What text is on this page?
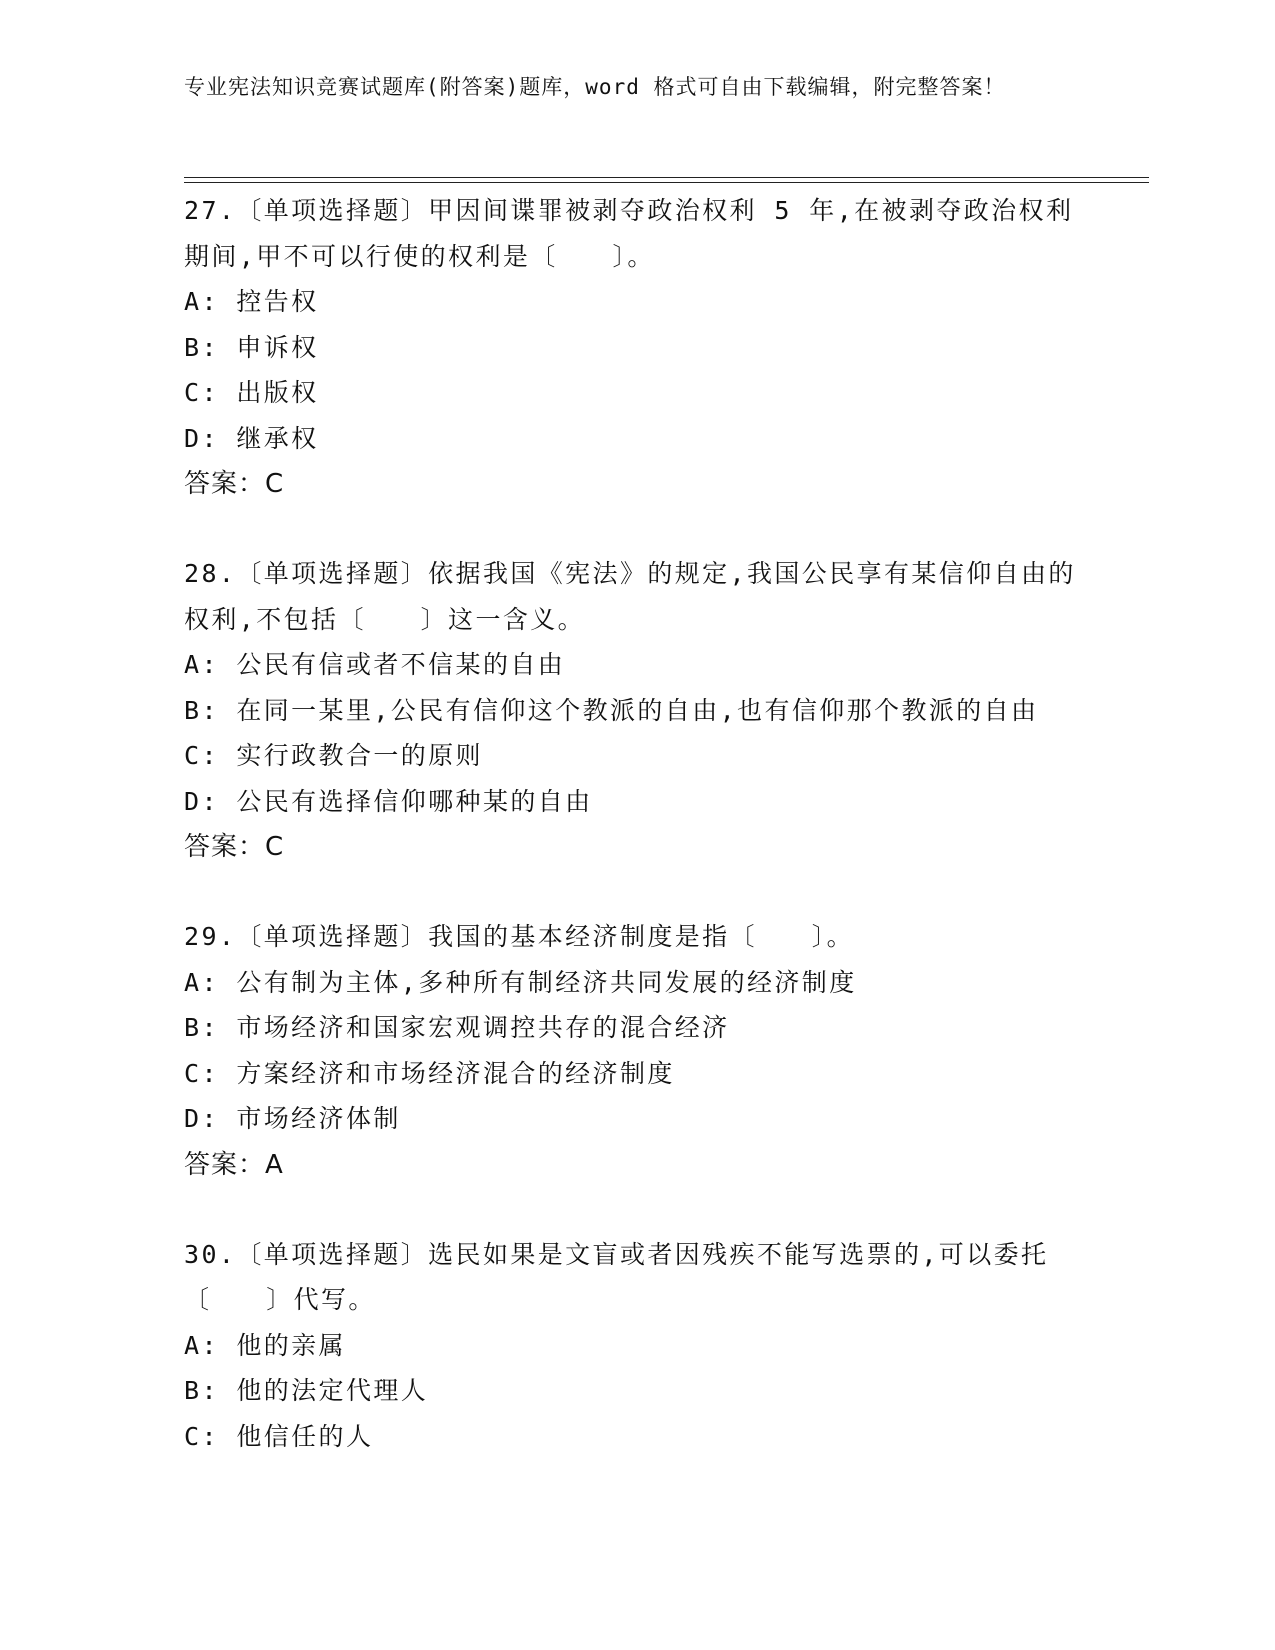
专业宪法知识竞赛试题库(附答案)题库，word 格式可自由下载编辑，附完整答案！

27.〔单项选择题〕甲因间谍罪被剥夺政治权利 5 年,在被剥夺政治权利期间,甲不可以行使的权利是〔　　〕。

A: 控告权

B: 申诉权

C: 出版权

D: 继承权

答案：C

28.〔单项选择题〕依据我国《宪法》的规定,我国公民享有某信仰自由的权利,不包括〔　　〕这一含义。

A: 公民有信或者不信某的自由

B: 在同一某里,公民有信仰这个教派的自由,也有信仰那个教派的自由

C: 实行政教合一的原则

D: 公民有选择信仰哪种某的自由

答案：C

29.〔单项选择题〕我国的基本经济制度是指〔　　〕。

A: 公有制为主体,多种所有制经济共同发展的经济制度

B: 市场经济和国家宏观调控共存的混合经济

C: 方案经济和市场经济混合的经济制度

D: 市场经济体制

答案：A

30.〔单项选择题〕选民如果是文盲或者因残疾不能写选票的,可以委托〔　　〕代写。

A: 他的亲属

B: 他的法定代理人

C: 他信任的人
